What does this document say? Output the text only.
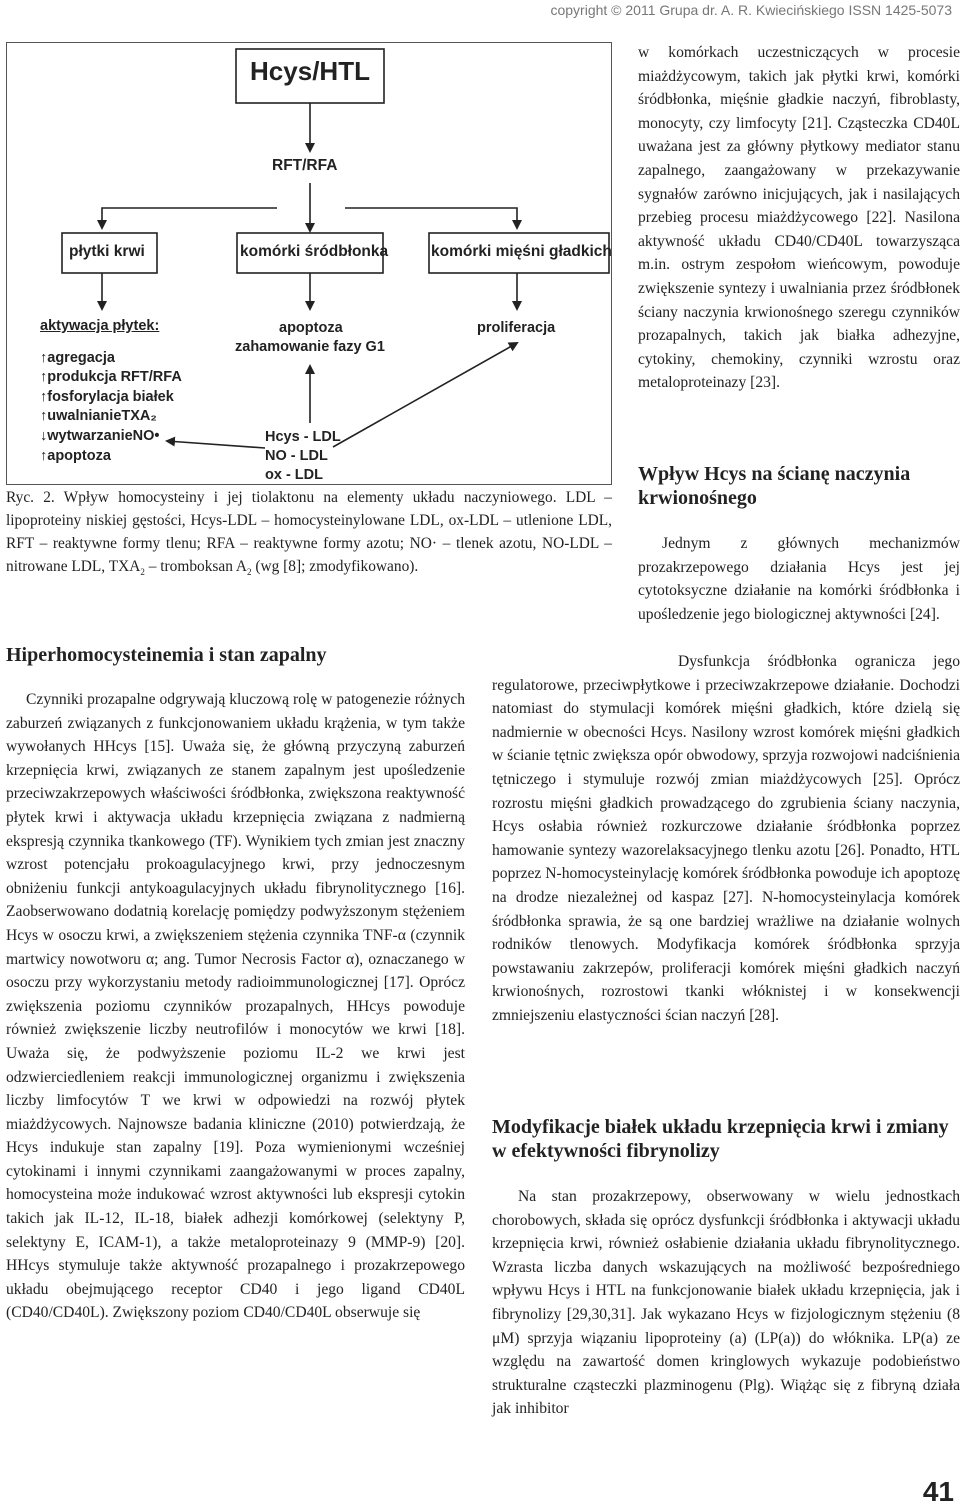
copyright © 2011 Grupa dr. A. R. Kwiecińskiego ISSN 1425-5073
Hcys/HTL
RFT/RFA
płytki krwi	komórki śródbłonka	komórki mięśni gładkich
aktywacja płytek:
↑agregacja
↑produkcja RFT/RFA
↑fosforylacja białek
↑uwalnianieTXA₂
↓wytwarzanieNO•
↑apoptoza
apoptoza
zahamowanie fazy G1
proliferacja
Hcys - LDL
NO - LDL
ox - LDL
Ryc. 2. Wpływ homocysteiny i jej tiolaktonu na elementy układu naczyniowego. LDL – lipoproteiny niskiej gęstości, Hcys-LDL – homocysteinylowane LDL, ox-LDL – utlenione LDL, RFT – reaktywne formy tlenu; RFA – reaktywne formy azotu; NO· – tlenek azotu, NO-LDL – nitrowane LDL, $TXA_2$ – tromboksan $A_2$ (wg [8]; zmodyfikowano).
Hiperhomocysteinemia i stan zapalny
Czynniki prozapalne odgrywają kluczową rolę w patogenezie różnych zaburzeń związanych z funkcjonowaniem układu krążenia, w tym także wywołanych HHcys [15]. Uważa się, że główną przyczyną zaburzeń krzepnięcia krwi, związanych ze stanem zapalnym jest upośledzenie przeciwzakrzepowych właściwości śródbłonka, zwiększona reaktywność płytek krwi i aktywacja układu krzepnięcia związana z nadmierną ekspresją czynnika tkankowego (TF). Wynikiem tych zmian jest znaczny wzrost potencjału prokoagulacyjnego krwi, przy jednoczesnym obniżeniu funkcji antykoagulacyjnych układu fibrynolitycznego [16]. Zaobserwowano dodatnią korelację pomiędzy podwyższonym stężeniem Hcys w osoczu krwi, a zwiększeniem stężenia czynnika TNF-α (czynnik martwicy nowotworu α; ang. Tumor Necrosis Factor α), oznaczanego w osoczu przy wykorzystaniu metody radioimmunologicznej [17]. Oprócz zwiększenia poziomu czynników prozapalnych, HHcys powoduje również zwiększenie liczby neutrofilów i monocytów we krwi [18]. Uważa się, że podwyższenie poziomu IL-2 we krwi jest odzwierciedleniem reakcji immunologicznej organizmu i zwiększenia liczby limfocytów T we krwi w odpowiedzi na rozwój płytek miażdżycowych. Najnowsze badania kliniczne (2010) potwierdzają, że Hcys indukuje stan zapalny [19]. Poza wymienionymi wcześniej cytokinami i innymi czynnikami zaangażowanymi w proces zapalny, homocysteina może indukować wzrost aktywności lub ekspresji cytokin takich jak IL-12, IL-18, białek adhezji komórkowej (selektyny P, selektyny E, ICAM-1), a także metaloproteinazy 9 (MMP-9) [20]. HHcys stymuluje także aktywność prozapalnego i prozakrzepowego układu obejmującego receptor CD40 i jego ligand CD40L (CD40/CD40L). Zwiększony poziom CD40/CD40L obserwuje się
w komórkach uczestniczących w procesie miażdżycowym, takich jak płytki krwi, komórki śródbłonka, mięśnie gładkie naczyń, fibroblasty, monocyty, czy limfocyty [21]. Cząsteczka CD40L uważana jest za główny płytkowy mediator stanu zapalnego, zaangażowany w przekazywanie sygnałów zarówno inicjujących, jak i nasilających przebieg procesu miażdżycowego [22]. Nasilona aktywność układu CD40/CD40L towarzysząca m.in. ostrym zespołom wieńcowym, powoduje zwiększenie syntezy i uwalniania przez śródbłonek ściany naczynia krwionośnego szeregu czynników prozapalnych, takich jak białka adhezyjne, cytokiny, chemokiny, czynniki wzrostu oraz metaloproteinazy [23].
Wpływ Hcys na ścianę naczynia krwionośnego
Jednym z głównych mechanizmów prozakrzepowego działania Hcys jest jej cytotoksyczne działanie na komórki śródbłonka i upośledzenie jego biologicznej aktywności [24].
Dysfunkcja śródbłonka ogranicza jego regulatorowe, przeciwpłytkowe i przeciwzakrzepowe działanie. Dochodzi natomiast do stymulacji komórek mięśni gładkich, które dzielą się nadmiernie w obecności Hcys. Nasilony wzrost komórek mięśni gładkich w ścianie tętnic zwiększa opór obwodowy, sprzyja rozwojowi nadciśnienia tętniczego i stymuluje rozwój zmian miażdżycowych [25]. Oprócz rozrostu mięśni gładkich prowadzącego do zgrubienia ściany naczynia, Hcys osłabia również rozkurczowe działanie śródbłonka poprzez hamowanie syntezy wazorelaksacyjnego tlenku azotu [26]. Ponadto, HTL poprzez N-homocysteinylację komórek śródbłonka powoduje ich apoptozę na drodze niezależnej od kaspaz [27]. N-homocysteinylacja komórek śródbłonka sprawia, że są one bardziej wrażliwe na działanie wolnych rodników tlenowych. Modyfikacja komórek śródbłonka sprzyja powstawaniu zakrzepów, proliferacji komórek mięśni gładkich naczyń krwionośnych, rozrostowi tkanki włóknistej i w konsekwencji zmniejszeniu elastyczności ścian naczyń [28].
Modyfikacje białek układu krzepnięcia krwi i zmiany w efektywności fibrynolizy
Na stan prozakrzepowy, obserwowany w wielu jednostkach chorobowych, składa się oprócz dysfunkcji śródbłonka i aktywacji układu krzepnięcia krwi, również osłabienie działania układu fibrynolitycznego. Wzrasta liczba danych wskazujących na możliwość bezpośredniego wpływu Hcys i HTL na funkcjonowanie białek układu krzepnięcia, jak i fibrynolizy [29,30,31]. Jak wykazano Hcys w fizjologicznym stężeniu (8 μM) sprzyja wiązaniu lipoproteiny (a) (LP(a)) do włóknika. LP(a) ze względu na zawartość domen kringlowych wykazuje podobieństwo strukturalne cząsteczki plazminogenu (Plg). Wiążąc się z fibryną działa jak inhibitor
41
